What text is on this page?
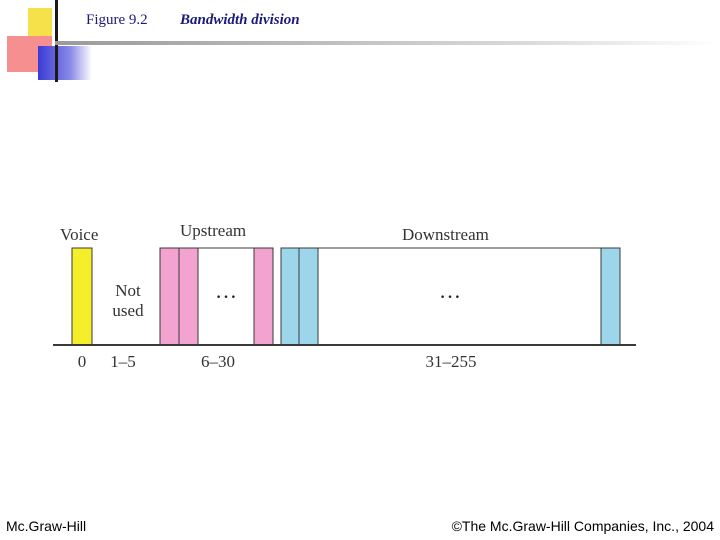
Figure 9.2 Bandwidth division
Voice	Upstream	Downstream
Not
used
…	…
0 1–5	6–30	31–255
Mc.Graw-Hill	©The Mc.Graw-Hill Companies, Inc., 2004
